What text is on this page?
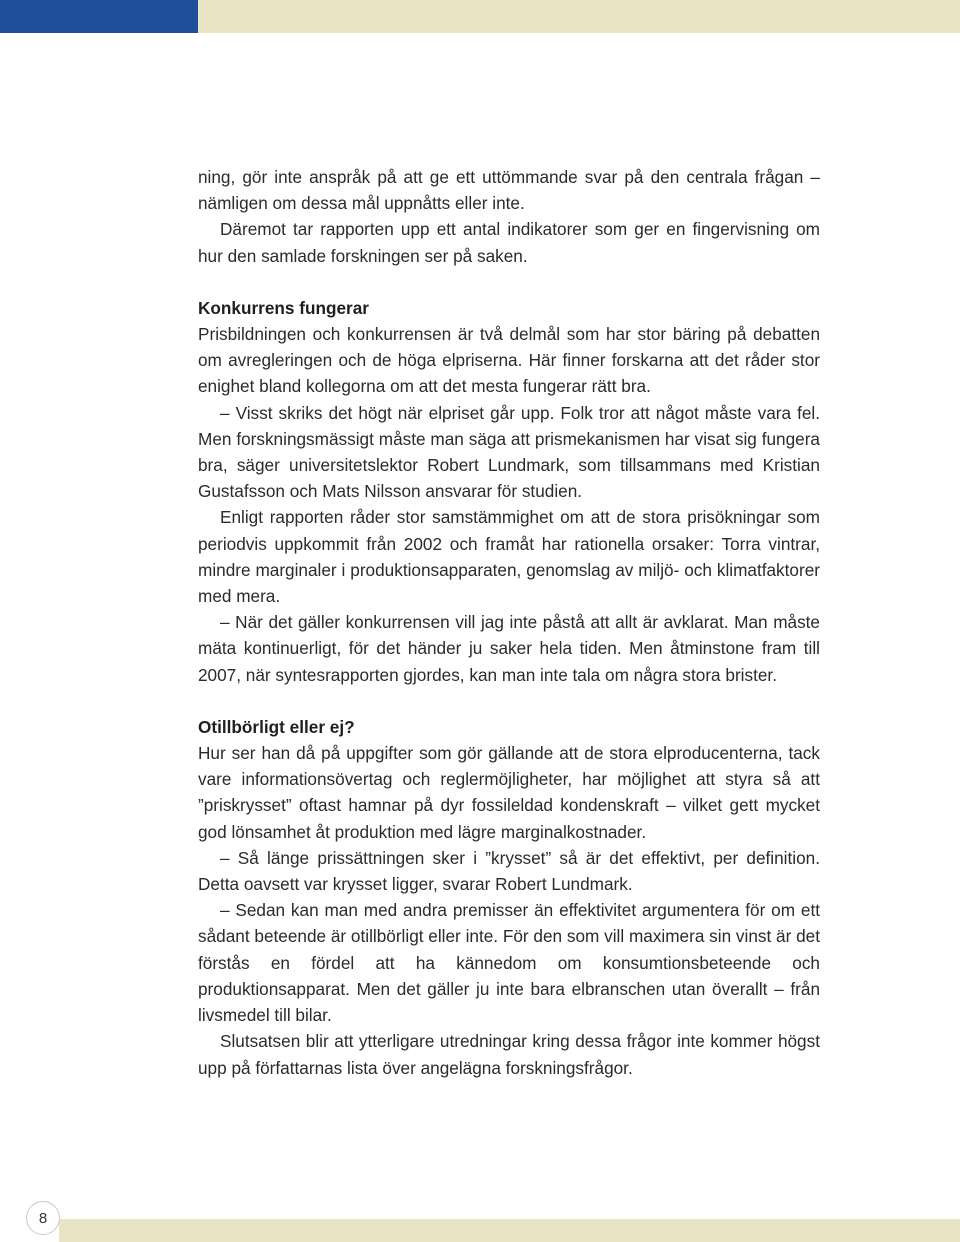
ning, gör inte anspråk på att ge ett uttömmande svar på den centrala frågan – nämligen om dessa mål uppnåtts eller inte.

Däremot tar rapporten upp ett antal indikatorer som ger en fingervisning om hur den samlade forskningen ser på saken.

Konkurrens fungerar

Prisbildningen och konkurrensen är två delmål som har stor bäring på debatten om avregleringen och de höga elpriserna. Här finner forskarna att det råder stor enighet bland kollegorna om att det mesta fungerar rätt bra.

– Visst skriks det högt när elpriset går upp. Folk tror att något måste vara fel. Men forskningsmässigt måste man säga att prismekanismen har visat sig fungera bra, säger universitetslektor Robert Lundmark, som tillsammans med Kristian Gustafsson och Mats Nilsson ansvarar för studien.

Enligt rapporten råder stor samstämmighet om att de stora prisökningar som periodvis uppkommit från 2002 och framåt har rationella orsaker: Torra vintrar, mindre marginaler i produktionsapparaten, genomslag av miljö- och klimatfaktorer med mera.

– När det gäller konkurrensen vill jag inte påstå att allt är avklarat. Man måste mäta kontinuerligt, för det händer ju saker hela tiden. Men åtminstone fram till 2007, när syntesrapporten gjordes, kan man inte tala om några stora brister.

Otillbörligt eller ej?

Hur ser han då på uppgifter som gör gällande att de stora elproducenterna, tack vare informationsövertag och reglermöjligheter, har möjlighet att styra så att ”priskrysset” oftast hamnar på dyr fossileldad kondenskraft – vilket gett mycket god lönsamhet åt produktion med lägre marginalkostnader.

– Så länge prissättningen sker i ”krysset” så är det effektivt, per definition. Detta oavsett var krysset ligger, svarar Robert Lundmark.

– Sedan kan man med andra premisser än effektivitet argumentera för om ett sådant beteende är otillbörligt eller inte. För den som vill maximera sin vinst är det förstås en fördel att ha kännedom om konsumtionsbeteende och produktionsapparat. Men det gäller ju inte bara elbranschen utan överallt – från livsmedel till bilar.

Slutsatsen blir att ytterligare utredningar kring dessa frågor inte kommer högst upp på författarnas lista över angelägna forskningsfrågor.

8
